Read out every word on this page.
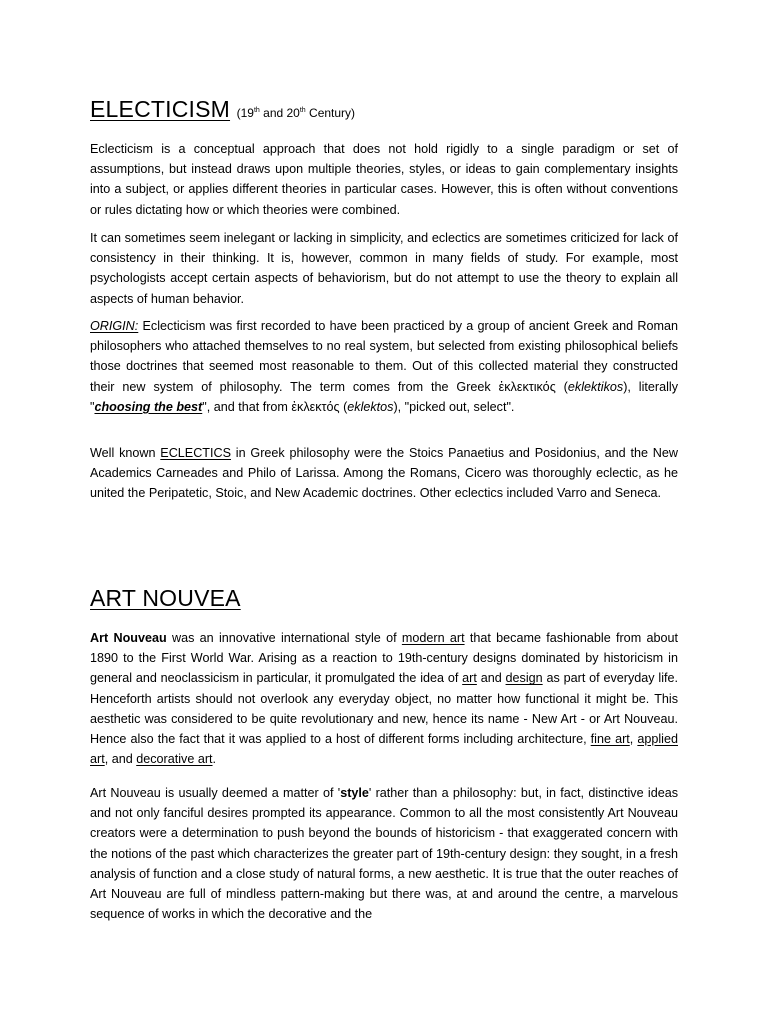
ELECTICISM (19th and 20th Century)

Eclecticism is a conceptual approach that does not hold rigidly to a single paradigm or set of assumptions, but instead draws upon multiple theories, styles, or ideas to gain complementary insights into a subject, or applies different theories in particular cases. However, this is often without conventions or rules dictating how or which theories were combined.

It can sometimes seem inelegant or lacking in simplicity, and eclectics are sometimes criticized for lack of consistency in their thinking. It is, however, common in many fields of study. For example, most psychologists accept certain aspects of behaviorism, but do not attempt to use the theory to explain all aspects of human behavior.

ORIGIN: Eclecticism was first recorded to have been practiced by a group of ancient Greek and Roman philosophers who attached themselves to no real system, but selected from existing philosophical beliefs those doctrines that seemed most reasonable to them. Out of this collected material they constructed their new system of philosophy. The term comes from the Greek ἐκλεκτικός (eklektikos), literally "choosing the best", and that from ἐκλεκτός (eklektos), "picked out, select".

Well known ECLECTICS in Greek philosophy were the Stoics Panaetius and Posidonius, and the New Academics Carneades and Philo of Larissa. Among the Romans, Cicero was thoroughly eclectic, as he united the Peripatetic, Stoic, and New Academic doctrines. Other eclectics included Varro and Seneca.

ART NOUVEA

Art Nouveau was an innovative international style of modern art that became fashionable from about 1890 to the First World War. Arising as a reaction to 19th-century designs dominated by historicism in general and neoclassicism in particular, it promulgated the idea of art and design as part of everyday life. Henceforth artists should not overlook any everyday object, no matter how functional it might be. This aesthetic was considered to be quite revolutionary and new, hence its name - New Art - or Art Nouveau. Hence also the fact that it was applied to a host of different forms including architecture, fine art, applied art, and decorative art.

Art Nouveau is usually deemed a matter of 'style' rather than a philosophy: but, in fact, distinctive ideas and not only fanciful desires prompted its appearance. Common to all the most consistently Art Nouveau creators were a determination to push beyond the bounds of historicism - that exaggerated concern with the notions of the past which characterizes the greater part of 19th-century design: they sought, in a fresh analysis of function and a close study of natural forms, a new aesthetic. It is true that the outer reaches of Art Nouveau are full of mindless pattern-making but there was, at and around the centre, a marvelous sequence of works in which the decorative and the
